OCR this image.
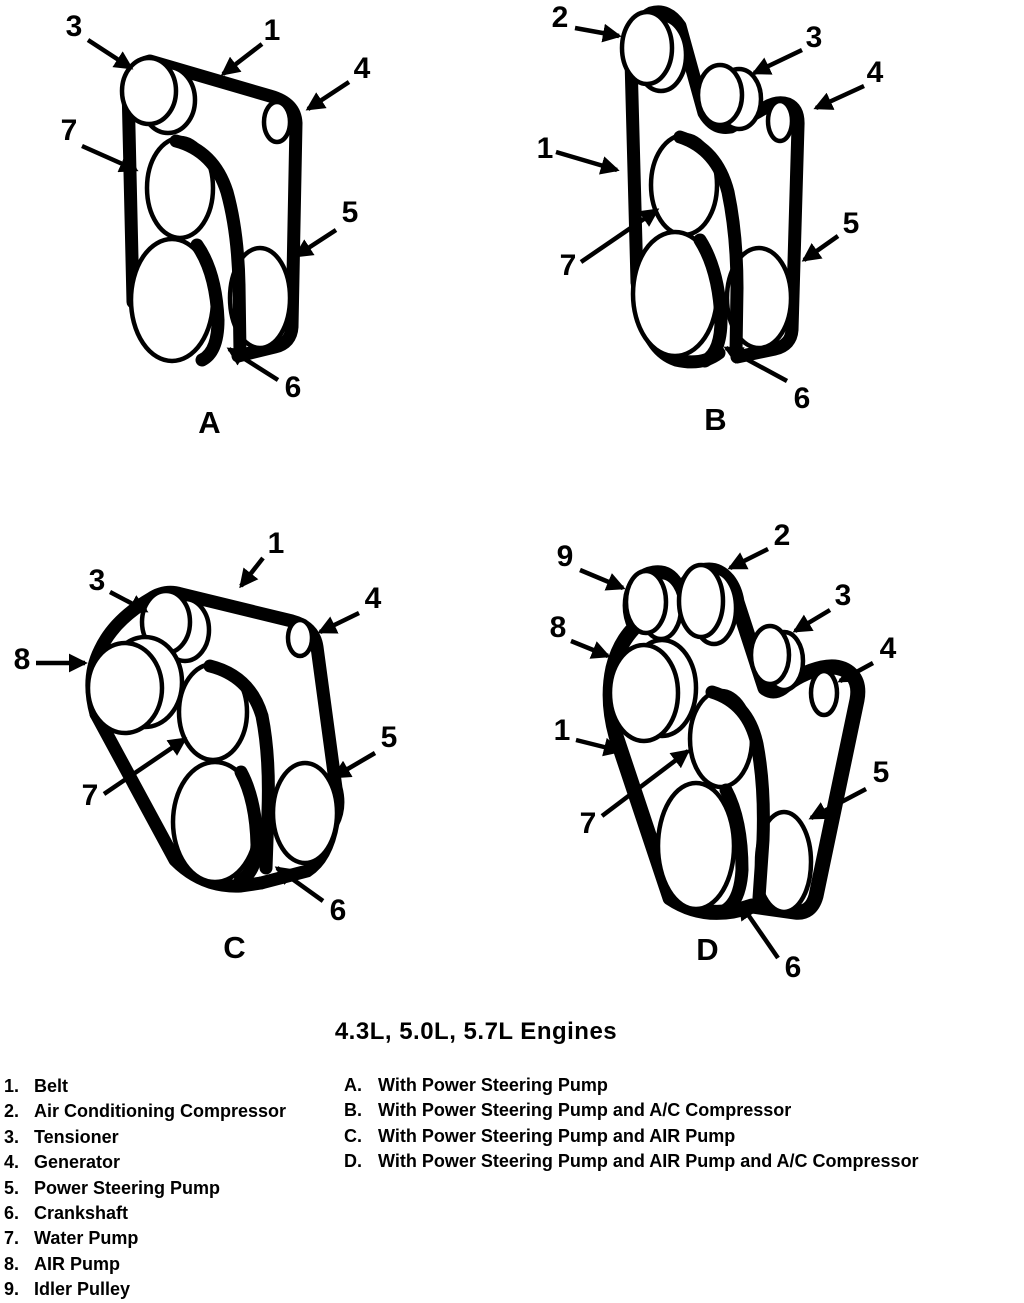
3	1
4
7
5
6
A
2
3
4
1
7
5
6
B
1
3
4
8
7
5
6
C
9
2
3
4
8
1
7
5
6
D
4.3L, 5.0L, 5.7L Engines
1. Belt
2. Air Conditioning Compressor
3. Tensioner
4. Generator
5. Power Steering Pump
6. Crankshaft
7. Water Pump
8. AIR Pump
9. Idler Pulley
A. With Power Steering Pump
B. With Power Steering Pump and A/C Compressor
C. With Power Steering Pump and AIR Pump
D. With Power Steering Pump and AIR Pump and A/C Compressor
